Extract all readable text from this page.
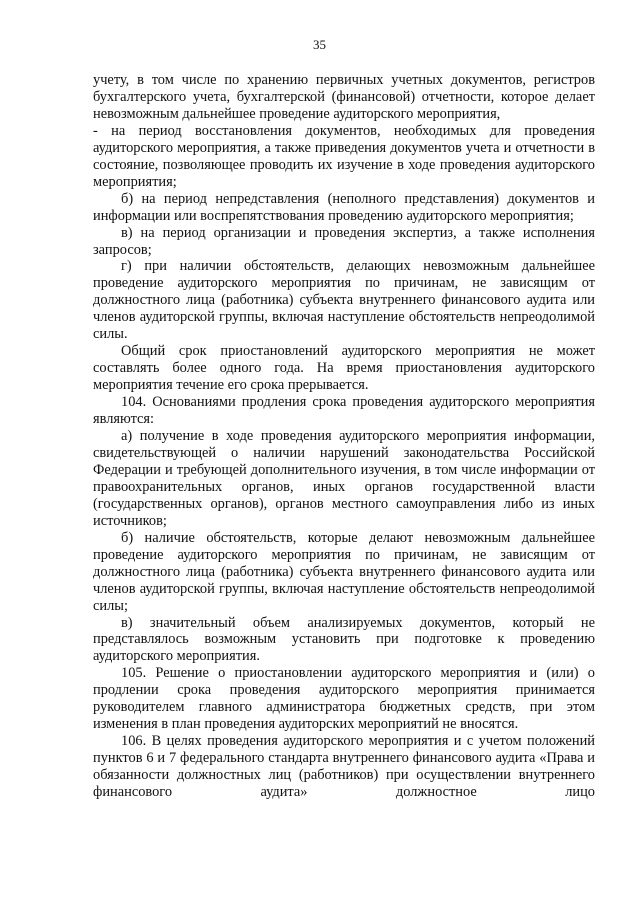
35

учету, в том числе по хранению первичных учетных документов, регистров бухгалтерского учета, бухгалтерской (финансовой) отчетности, которое делает невозможным дальнейшее проведение аудиторского мероприятия,

- на период восстановления документов, необходимых для проведения аудиторского мероприятия, а также приведения документов учета и отчетности в состояние, позволяющее проводить их изучение в ходе проведения аудиторского мероприятия;

б) на период непредставления (неполного представления) документов и информации или воспрепятствования проведению аудиторского мероприятия;

в) на период организации и проведения экспертиз, а также исполнения запросов;

г) при наличии обстоятельств, делающих невозможным дальнейшее проведение аудиторского мероприятия по причинам, не зависящим от должностного лица (работника) субъекта внутреннего финансового аудита или членов аудиторской группы, включая наступление обстоятельств непреодолимой силы.

Общий срок приостановлений аудиторского мероприятия не может составлять более одного года. На время приостановления аудиторского мероприятия течение его срока прерывается.

104. Основаниями продления срока проведения аудиторского мероприятия являются:

а) получение в ходе проведения аудиторского мероприятия информации, свидетельствующей о наличии нарушений законодательства Российской Федерации и требующей дополнительного изучения, в том числе информации от правоохранительных органов, иных органов государственной власти (государственных органов), органов местного самоуправления либо из иных источников;

б) наличие обстоятельств, которые делают невозможным дальнейшее проведение аудиторского мероприятия по причинам, не зависящим от должностного лица (работника) субъекта внутреннего финансового аудита или членов аудиторской группы, включая наступление обстоятельств непреодолимой силы;

в) значительный объем анализируемых документов, который не представлялось возможным установить при подготовке к проведению аудиторского мероприятия.

105. Решение о приостановлении аудиторского мероприятия и (или) о продлении срока проведения аудиторского мероприятия принимается руководителем главного администратора бюджетных средств, при этом изменения в план проведения аудиторских мероприятий не вносятся.

106. В целях проведения аудиторского мероприятия и с учетом положений пунктов 6 и 7 федерального стандарта внутреннего финансового аудита «Права и обязанности должностных лиц (работников) при осуществлении внутреннего финансового аудита» должностное лицо
